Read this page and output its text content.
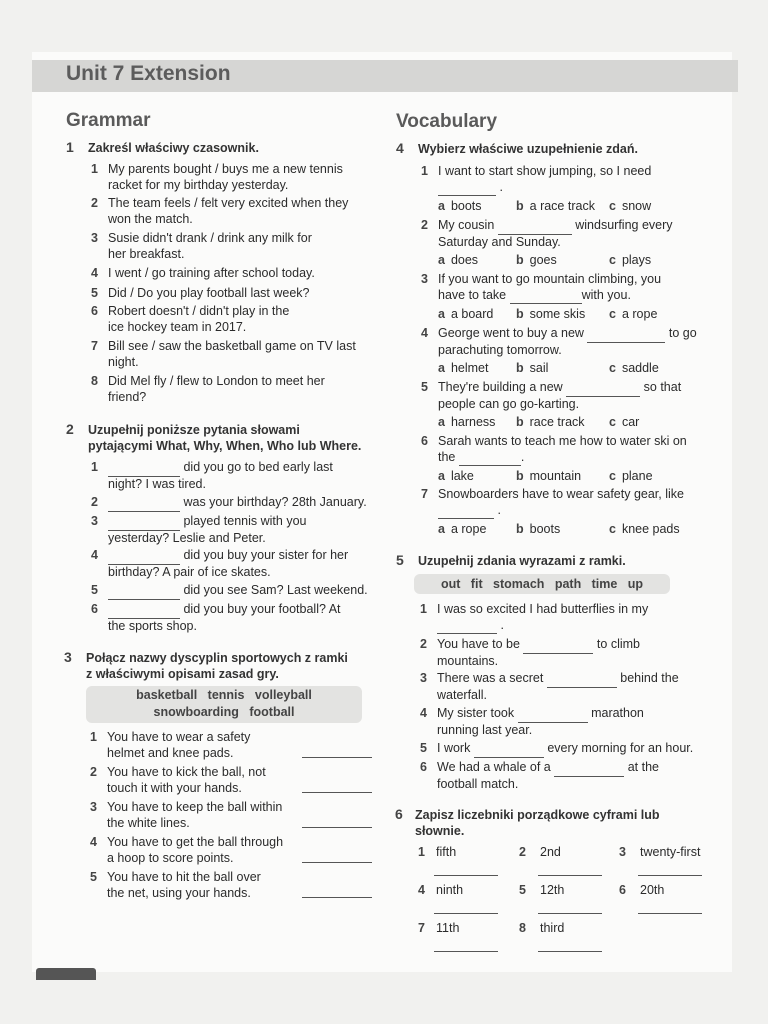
Unit 7 Extension
Grammar
1 Zakreśl właściwy czasownik.
2 Uzupełnij poniższe pytania słowami
pytającymi What, Why, When, Who lub Where.
3 Połącz nazwy dyscyplin sportowych z ramki
z właściwymi opisami zasad gry.
basketball   tennis   volleyball
snowboarding   football
Vocabulary
4 Wybierz właściwe uzupełnienie zdań.
5 Uzupełnij zdania wyrazami z ramki.
out   fit   stomach   path   time   up
6 Zapisz liczebniki porządkowe cyframi lub
słownie.
1 My parents bought / buys me a new tennis
racket for my birthday yesterday.
2 The team feels / felt very excited when they
won the match.
3 Susie didn't drank / drink any milk for
her breakfast.
4 I went / go training after school today.
5 Did / Do you play football last week?
6 Robert doesn't / didn't play in the
ice hockey team in 2017.
7 Bill see / saw the basketball game on TV last
night.
8 Did Mel fly / flew to London to meet her
friend?
1	did you go to bed early last
night? I was tired.
2	was your birthday? 28th January.
3	played tennis with you
yesterday? Leslie and Peter.
4	did you buy your sister for her
birthday? A pair of ice skates.
5	did you see Sam? Last weekend.
6	did you buy your football? At
the sports shop.
1 You have to wear a safety
helmet and knee pads.
2 You have to kick the ball, not
touch it with your hands.
3 You have to keep the ball within
the white lines.
4 You have to get the ball through
a hoop to score points.
5 You have to hit the ball over
the net, using your hands.
1 I want to start show jumping, so I need
.
a boots	b a race track c snow
2 My cousin	windsurfing every
Saturday and Sunday.
a does	b goes	c plays
3 If you want to go mountain climbing, you
have to take	with you.
a a board b some skis c a rope
4 George went to buy a new	to go
parachuting tomorrow.
a helmet b sail	c saddle
5 They're building a new	so that
people can go go-karting.
a harness b race track c car
6 Sarah wants to teach me how to water ski on
the	.
a lake	b mountain c plane
7 Snowboarders have to wear safety gear, like
.
a a rope b boots	c knee pads
1 I was so excited I had butterflies in my
.
2 You have to be	to climb
mountains.
3 There was a secret	behind the
waterfall.
4 My sister took	marathon
running last year.
5 I work	every morning for an hour.
6 We had a whale of a	at the
football match.
1 fifth	2 2nd	3 twenty-first
4 ninth	5 12th	6 20th
7 11th	8 third
